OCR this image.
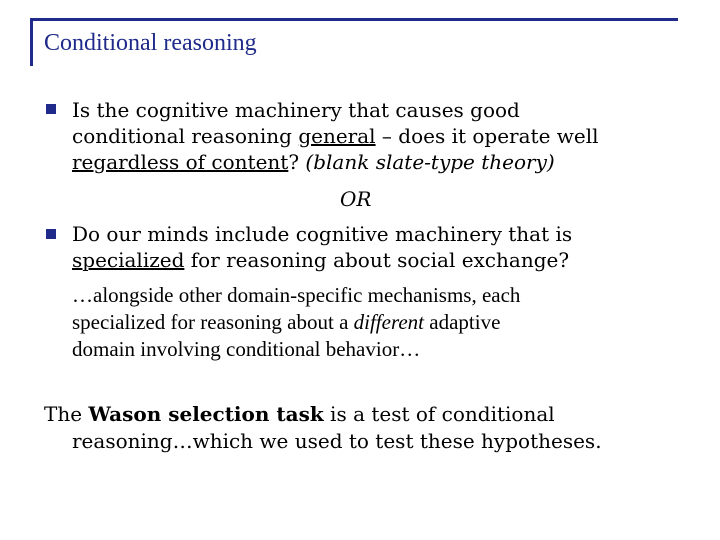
Conditional reasoning
Is the cognitive machinery that causes good
conditional reasoning general – does it operate well
regardless of content? (blank slate-type theory)
OR
Do our minds include cognitive machinery that is
specialized for reasoning about social exchange?
…alongside other domain-specific mechanisms, each
specialized for reasoning about a different adaptive
domain involving conditional behavior…
The Wason selection task is a test of conditional
reasoning…which we used to test these hypotheses.
